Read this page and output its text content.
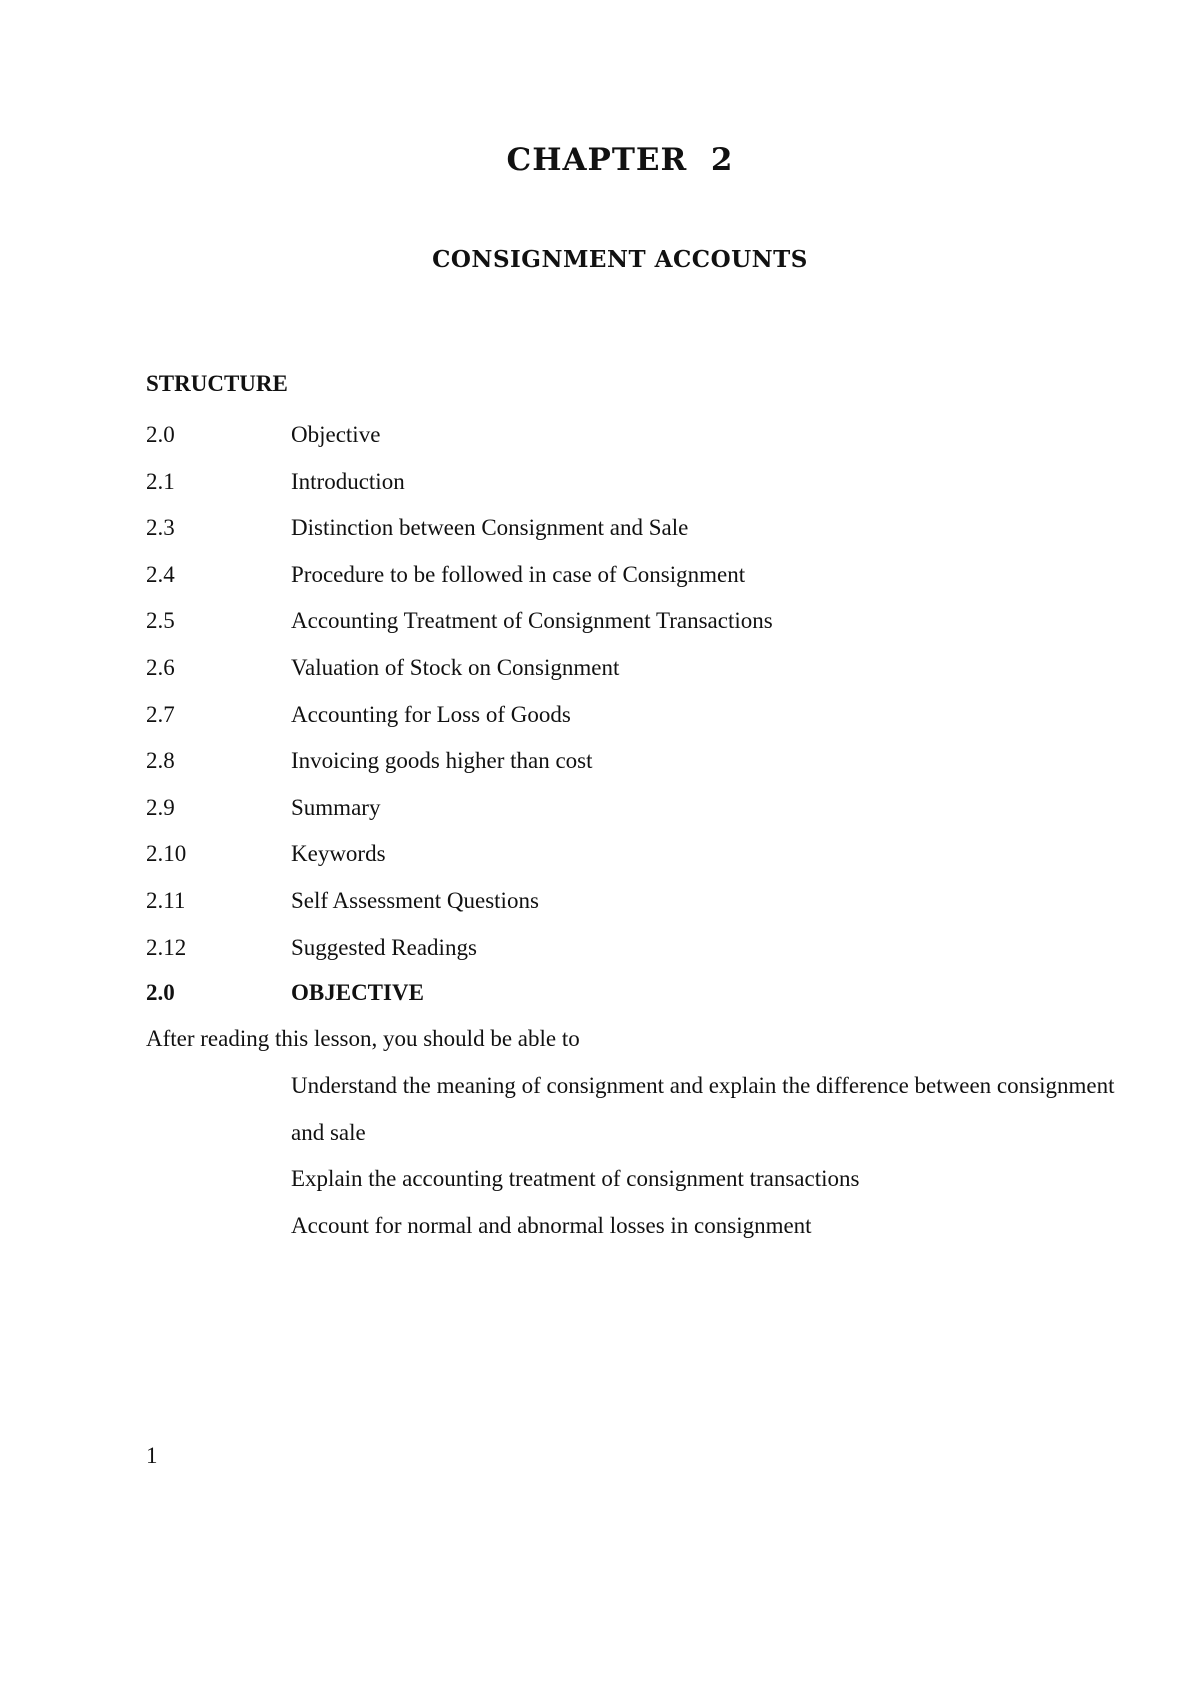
CHAPTER  2
CONSIGNMENT ACCOUNTS
STRUCTURE
2.0	Objective
2.1	Introduction
2.3	Distinction between Consignment and Sale
2.4	Procedure to be followed in case of Consignment
2.5	Accounting Treatment of Consignment Transactions
2.6	Valuation of Stock on Consignment
2.7	Accounting for Loss of Goods
2.8	Invoicing goods higher than cost
2.9	Summary
2.10	Keywords
2.11	Self Assessment Questions
2.12	Suggested Readings
2.0	OBJECTIVE
After reading this lesson, you should be able to
Understand the meaning of consignment and explain the difference between consignment and sale
Explain the accounting treatment of consignment transactions
Account for normal and abnormal losses in consignment
1
